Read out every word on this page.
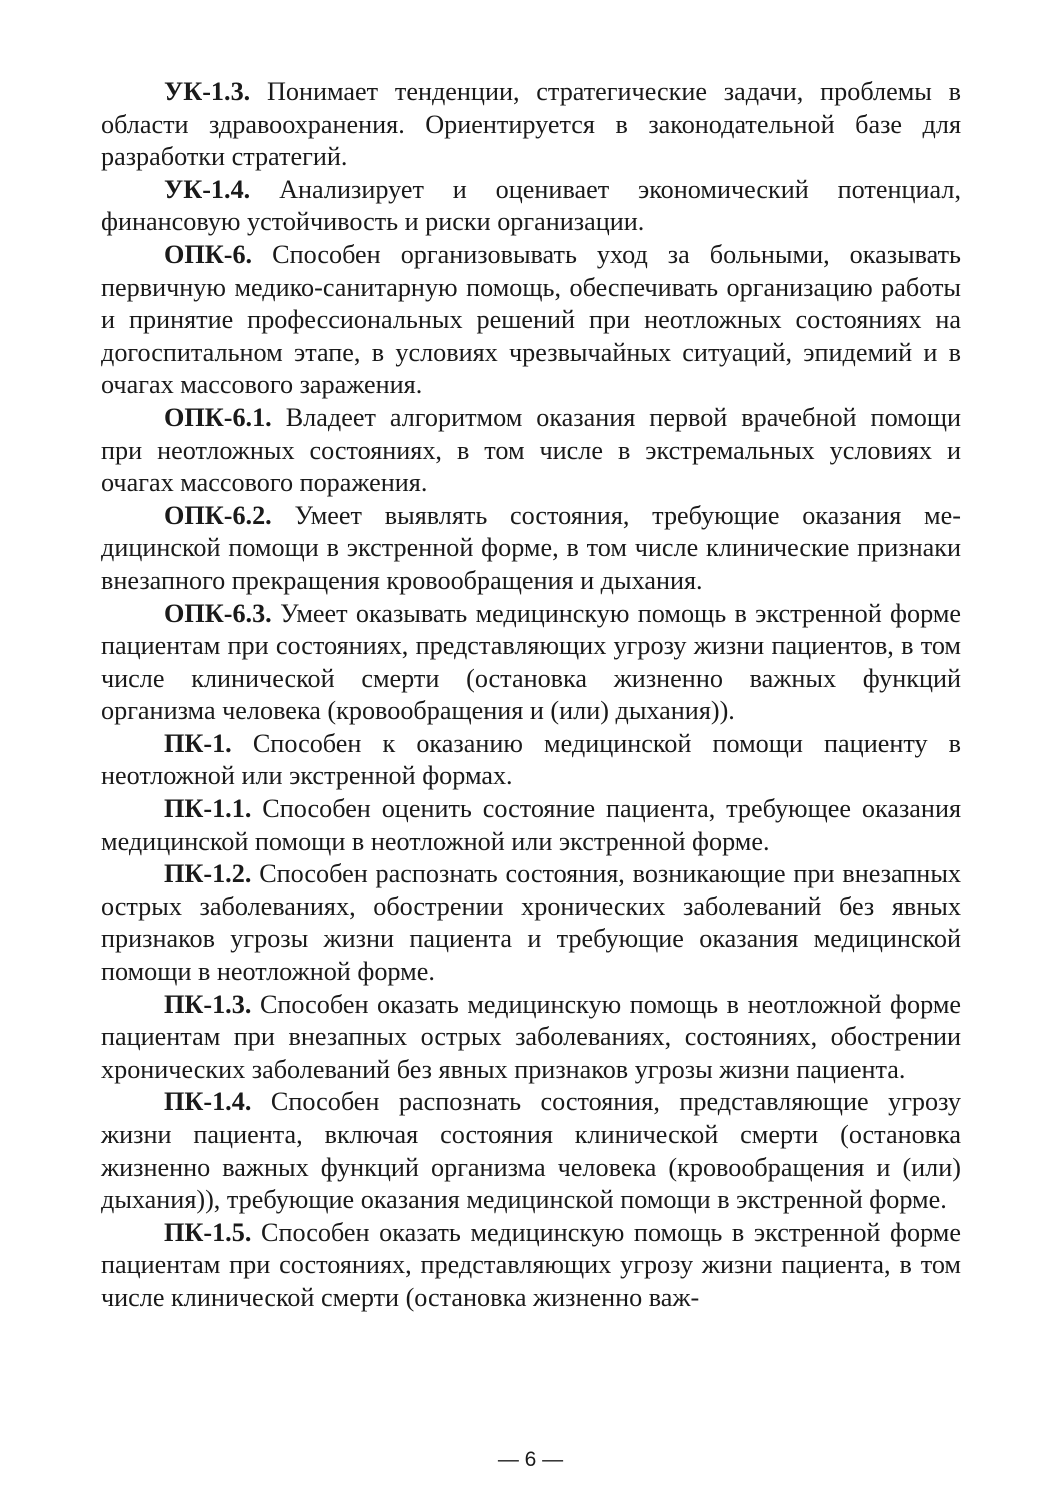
УК-1.3. Понимает тенденции, стратегические задачи, проблемы в области здравоохранения. Ориентируется в законодательной базе для разработки стратегий.

УК-1.4. Анализирует и оценивает экономический потенциал, финансовую устойчивость и риски организации.

ОПК-6. Способен организовывать уход за больными, оказывать первичную медико-санитарную помощь, обеспечивать организацию работы и принятие профессиональных решений при неотложных состояниях на догоспитальном этапе, в условиях чрезвычайных ситуаций, эпидемий и в очагах массового заражения.

ОПК-6.1. Владеет алгоритмом оказания первой врачебной помощи при неотложных состояниях, в том числе в экстремальных условиях и очагах массового поражения.

ОПК-6.2. Умеет выявлять состояния, требующие оказания медицинской помощи в экстренной форме, в том числе клинические признаки внезапного прекращения кровообращения и дыхания.

ОПК-6.3. Умеет оказывать медицинскую помощь в экстренной форме пациентам при состояниях, представляющих угрозу жизни пациентов, в том числе клинической смерти (остановка жизненно важных функций организма человека (кровообращения и (или) дыхания)).

ПК-1. Способен к оказанию медицинской помощи пациенту в неотложной или экстренной формах.

ПК-1.1. Способен оценить состояние пациента, требующее оказания медицинской помощи в неотложной или экстренной форме.

ПК-1.2. Способен распознать состояния, возникающие при внезапных острых заболеваниях, обострении хронических заболеваний без явных признаков угрозы жизни пациента и требующие оказания медицинской помощи в неотложной форме.

ПК-1.3. Способен оказать медицинскую помощь в неотложной форме пациентам при внезапных острых заболеваниях, состояниях, обострении хронических заболеваний без явных признаков угрозы жизни пациента.

ПК-1.4. Способен распознать состояния, представляющие угрозу жизни пациента, включая состояния клинической смерти (остановка жизненно важных функций организма человека (кровообращения и (или) дыхания)), требующие оказания медицинской помощи в экстренной форме.

ПК-1.5. Способен оказать медицинскую помощь в экстренной форме пациентам при состояниях, представляющих угрозу жизни пациента, в том числе клинической смерти (остановка жизненно важ-

— 6 —
